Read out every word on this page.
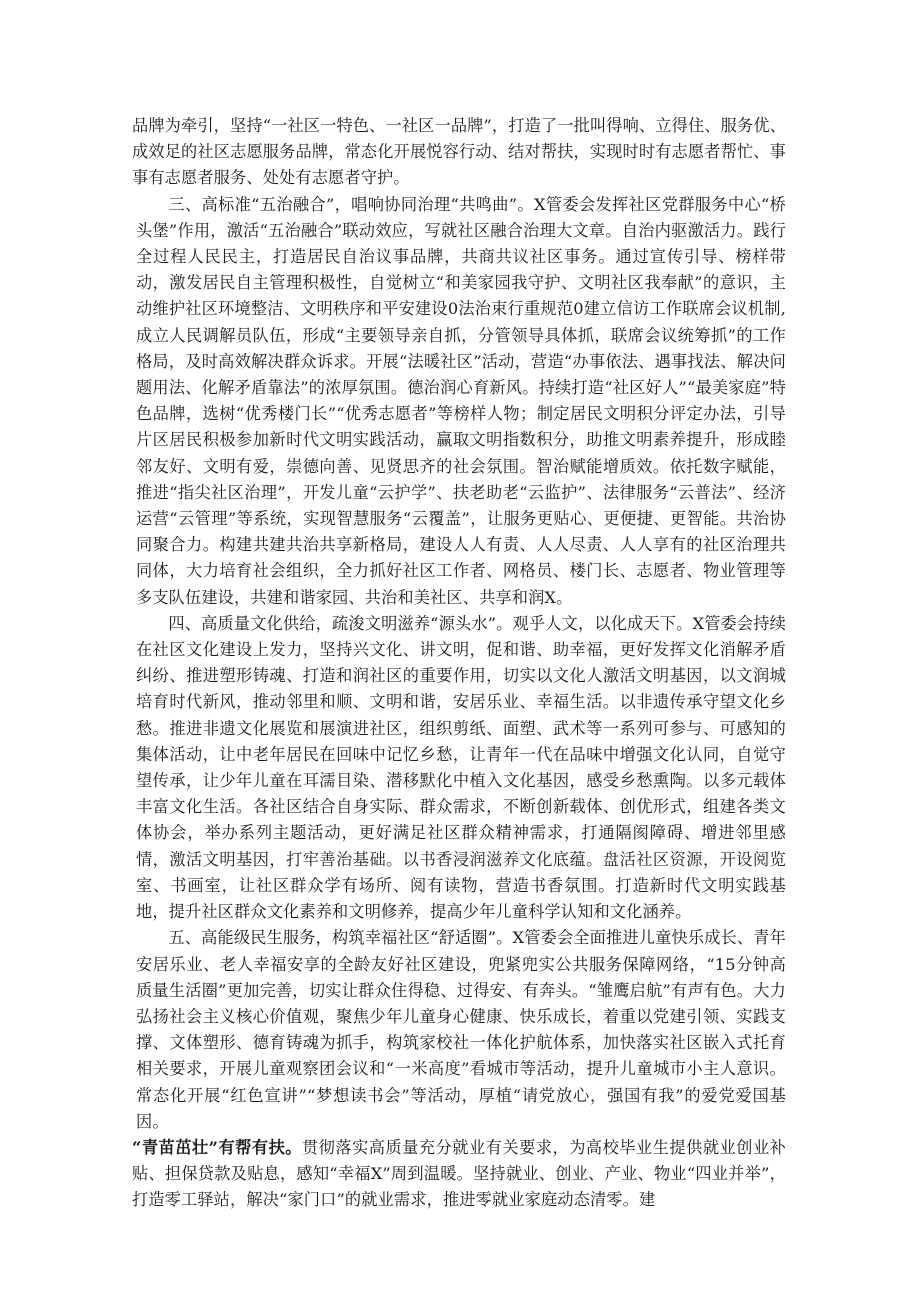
品牌为牵引，坚持“一社区一特色、一社区一品牌”，打造了一批叫得响、立得住、服务优、成效足的社区志愿服务品牌，常态化开展悦容行动、结对帮扶，实现时时有志愿者帮忙、事事有志愿者服务、处处有志愿者守护。

三、高标准“五治融合”，唱响协同治理“共鸣曲”。X管委会发挥社区党群服务中心“桥头堡”作用，激活“五治融合”联动效应，写就社区融合治理大文章。自治内驱激活力。践行全过程人民民主，打造居民自治议事品牌，共商共议社区事务。通过宣传引导、榜样带动，激发居民自主管理积极性，自觉树立“和美家园我守护、文明社区我奉献”的意识，主动维护社区环境整洁、文明秩序和平安建设0法治束行重规范0建立信访工作联席会议机制,成立人民调解员队伍，形成“主要领导亲自抓，分管领导具体抓，联席会议统筹抓”的工作格局，及时高效解决群众诉求。开展“法暖社区”活动，营造“办事依法、遇事找法、解决问题用法、化解矛盾靠法”的浓厚氛围。德治润心育新风。持续打造“社区好人”“最美家庭”特色品牌，选树“优秀楼门长”“优秀志愿者”等榜样人物；制定居民文明积分评定办法，引导片区居民积极参加新时代文明实践活动，赢取文明指数积分，助推文明素养提升，形成睦邻友好、文明有爱，崇德向善、见贤思齐的社会氛围。智治赋能增质效。依托数字赋能，推进“指尖社区治理”，开发儿童“云护学”、扶老助老“云监护”、法律服务“云普法”、经济运营“云管理”等系统，实现智慧服务“云覆盖”，让服务更贴心、更便捷、更智能。共治协同聚合力。构建共建共治共享新格局，建设人人有责、人人尽责、人人享有的社区治理共同体，大力培育社会组织，全力抓好社区工作者、网格员、楼门长、志愿者、物业管理等多支队伍建设，共建和谐家园、共治和美社区、共享和润X。

四、高质量文化供给，疏浚文明滋养“源头水”。观乎人文，以化成天下。X管委会持续在社区文化建设上发力，坚持兴文化、讲文明，促和谐、助幸福，更好发挥文化消解矛盾纠纷、推进塑形铸魂、打造和润社区的重要作用，切实以文化人激活文明基因，以文润城培育时代新风，推动邻里和顺、文明和谐，安居乐业、幸福生活。以非遗传承守望文化乡愁。推进非遗文化展览和展演进社区，组织剪纸、面塑、武术等一系列可参与、可感知的集体活动，让中老年居民在回味中记忆乡愁，让青年一代在品味中增强文化认同，自觉守望传承，让少年儿童在耳濡目染、潜移默化中植入文化基因，感受乡愁熏陶。以多元载体丰富文化生活。各社区结合自身实际、群众需求，不断创新载体、创优形式，组建各类文体协会，举办系列主题活动，更好满足社区群众精神需求，打通隔阂障碍、增进邻里感情，激活文明基因，打牢善治基础。以书香浸润滋养文化底蕴。盘活社区资源，开设阅览室、书画室，让社区群众学有场所、阅有读物，营造书香氛围。打造新时代文明实践基地，提升社区群众文化素养和文明修养，提高少年儿童科学认知和文化涵养。

五、高能级民生服务，构筑幸福社区“舒适圈”。X管委会全面推进儿童快乐成长、青年安居乐业、老人幸福安享的全龄友好社区建设，兜紧兜实公共服务保障网络，“15分钟高质量生活圈”更加完善，切实让群众住得稳、过得安、有奔头。“雏鹰启航”有声有色。大力弘扬社会主义核心价值观，聚焦少年儿童身心健康、快乐成长，着重以党建引领、实践支撑、文体塑形、德育铸魂为抓手，构筑家校社一体化护航体系，加快落实社区嵌入式托育相关要求，开展儿童观察团会议和“一米高度”看城市等活动，提升儿童城市小主人意识。常态化开展“红色宣讲”“梦想读书会”等活动，厚植“请党放心，强国有我”的爱党爱国基因。

“青苗茁壮”有帮有扶。贯彻落实高质量充分就业有关要求，为高校毕业生提供就业创业补贴、担保贷款及贴息，感知“幸福X”周到温暖。坚持就业、创业、产业、物业“四业并举”，打造零工驿站，解决“家门口”的就业需求，推进零就业家庭动态清零。建
